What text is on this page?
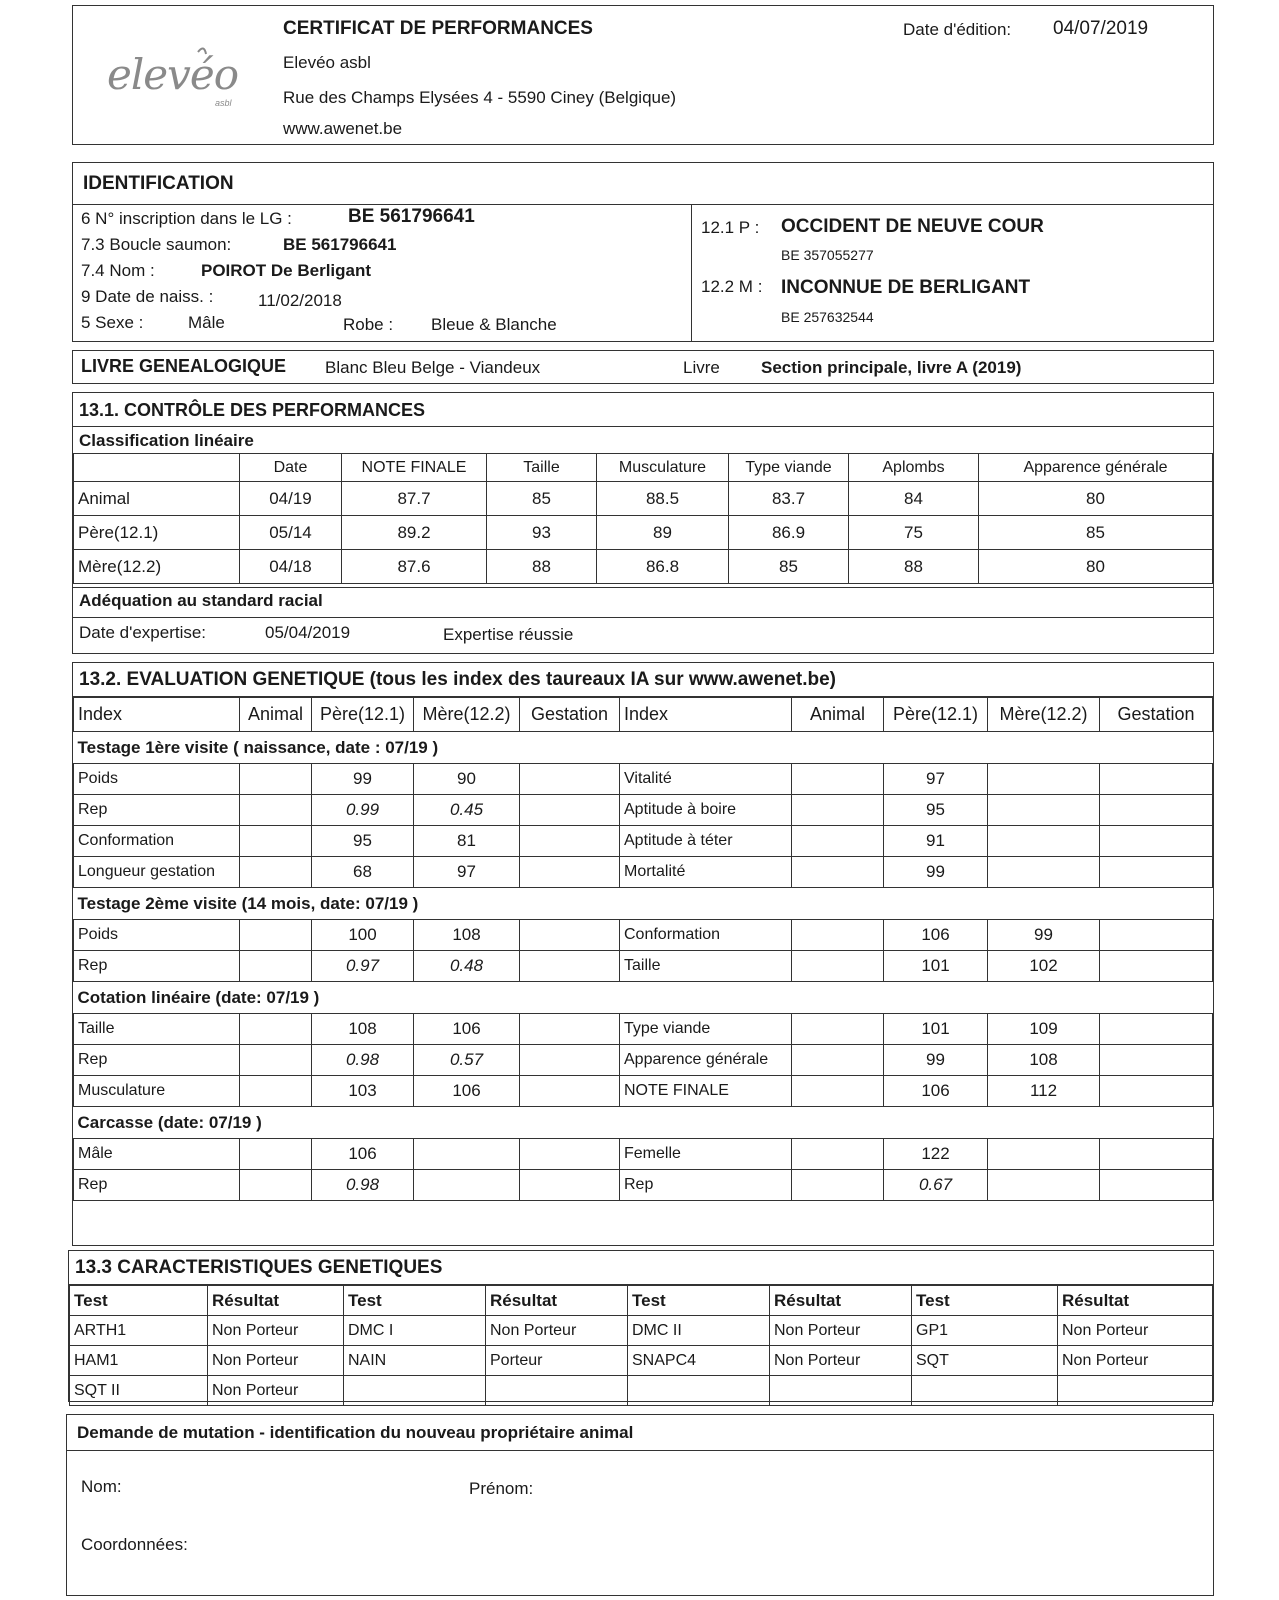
elevéo
asbl
CERTIFICAT DE PERFORMANCES
Elevéo asbl
Rue des Champs Elysées 4 - 5590 Ciney (Belgique)
www.awenet.be
Date d'édition: 04/07/2019
IDENTIFICATION
6 N° inscription dans le LG :	BE 561796641
7.3 Boucle saumon:	BE 561796641
7.4 Nom :	POIROT De Berligant
9 Date de naiss. :	11/02/2018
5 Sexe :	Mâle	Robe : Bleue & Blanche
12.1 P : OCCIDENT DE NEUVE COUR
BE 357055277
12.2 M : INCONNUE DE BERLIGANT
BE 257632544
LIVRE GENEALOGIQUE Blanc Bleu Belge - Viandeux	Livre Section principale, livre A (2019)
13.1. CONTRÔLE DES PERFORMANCES
Classification linéaire
	Date	NOTE FINALE	Taille	Musculature	Type viande	Aplombs	Apparence générale
Animal	04/19	87.7	85	88.5	83.7	84	80
Père(12.1)	05/14	89.2	93	89	86.9	75	85
Mère(12.2)	04/18	87.6	88	86.8	85	88	80
Adéquation au standard racial
Date d'expertise:	05/04/2019	Expertise réussie
13.2. EVALUATION GENETIQUE (tous les index des taureaux IA sur www.awenet.be)
Index	Animal	Père(12.1)	Mère(12.2)	Gestation	Index	Animal	Père(12.1)	Mère(12.2)	Gestation
Testage 1ère visite ( naissance, date : 07/19 )									
Poids		99	90		Vitalité		97		
Rep		0.99	0.45		Aptitude à boire		95		
Conformation		95	81		Aptitude à téter		91		
Longueur gestation		68	97		Mortalité		99		
Testage 2ème visite (14 mois, date: 07/19 )									
Poids		100	108		Conformation		106	99	
Rep		0.97	0.48		Taille		101	102	
Cotation linéaire (date: 07/19 )									
Taille		108	106		Type viande		101	109	
Rep		0.98	0.57		Apparence générale		99	108	
Musculature		103	106		NOTE FINALE		106	112	
Carcasse (date: 07/19 )									
Mâle		106			Femelle		122		
Rep		0.98			Rep		0.67		
13.3 CARACTERISTIQUES GENETIQUES
Test	Résultat	Test	Résultat	Test	Résultat	Test	Résultat
ARTH1	Non Porteur	DMC I	Non Porteur	DMC II	Non Porteur	GP1	Non Porteur
HAM1	Non Porteur	NAIN	Porteur	SNAPC4	Non Porteur	SQT	Non Porteur
SQT II	Non Porteur						
Demande de mutation - identification du nouveau propriétaire animal
Nom:	Prénom:
Coordonnées:
